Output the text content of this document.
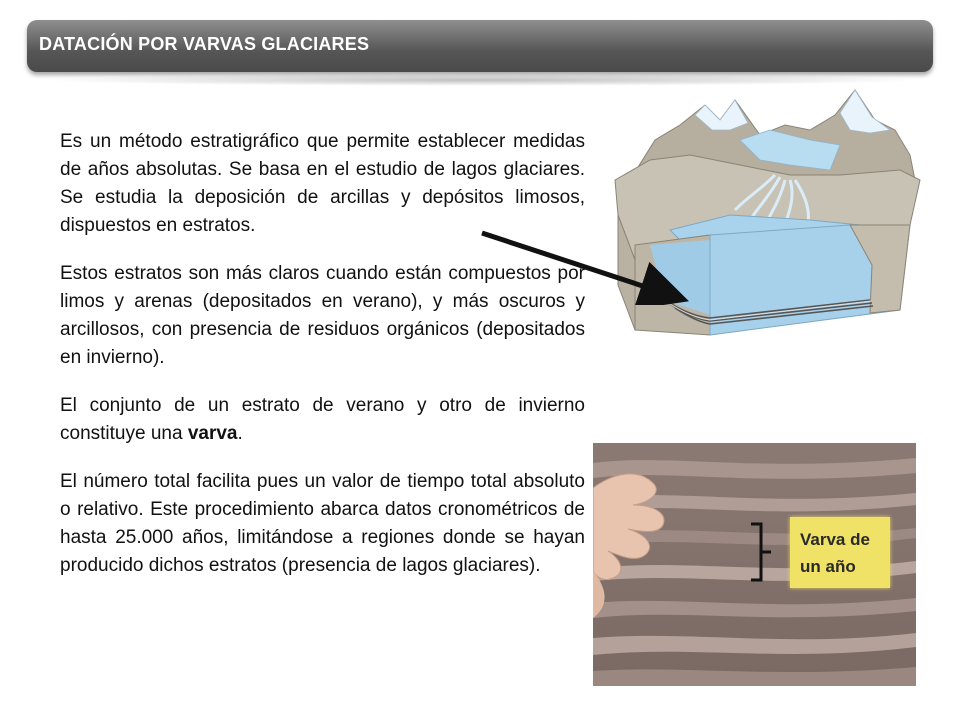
DATACIÓN POR VARVAS GLACIARES

Es un método estratigráfico que permite establecer medidas de años absolutas. Se basa en el estudio de lagos glaciares. Se estudia la deposición de arcillas y depósitos limosos, dispuestos en estratos.

Estos estratos son más claros cuando están compuestos por limos y arenas (depositados en verano), y más oscuros y arcillosos, con presencia de residuos orgánicos (depositados en invierno).

El conjunto de un estrato de verano y otro de invierno constituye una varva.

El número total facilita pues un valor de tiempo total absoluto o relativo. Este procedimiento abarca datos cronométricos de hasta 25.000 años, limitándose a regiones donde se hayan producido dichos estratos (presencia de lagos glaciares).

Varva de
un año
